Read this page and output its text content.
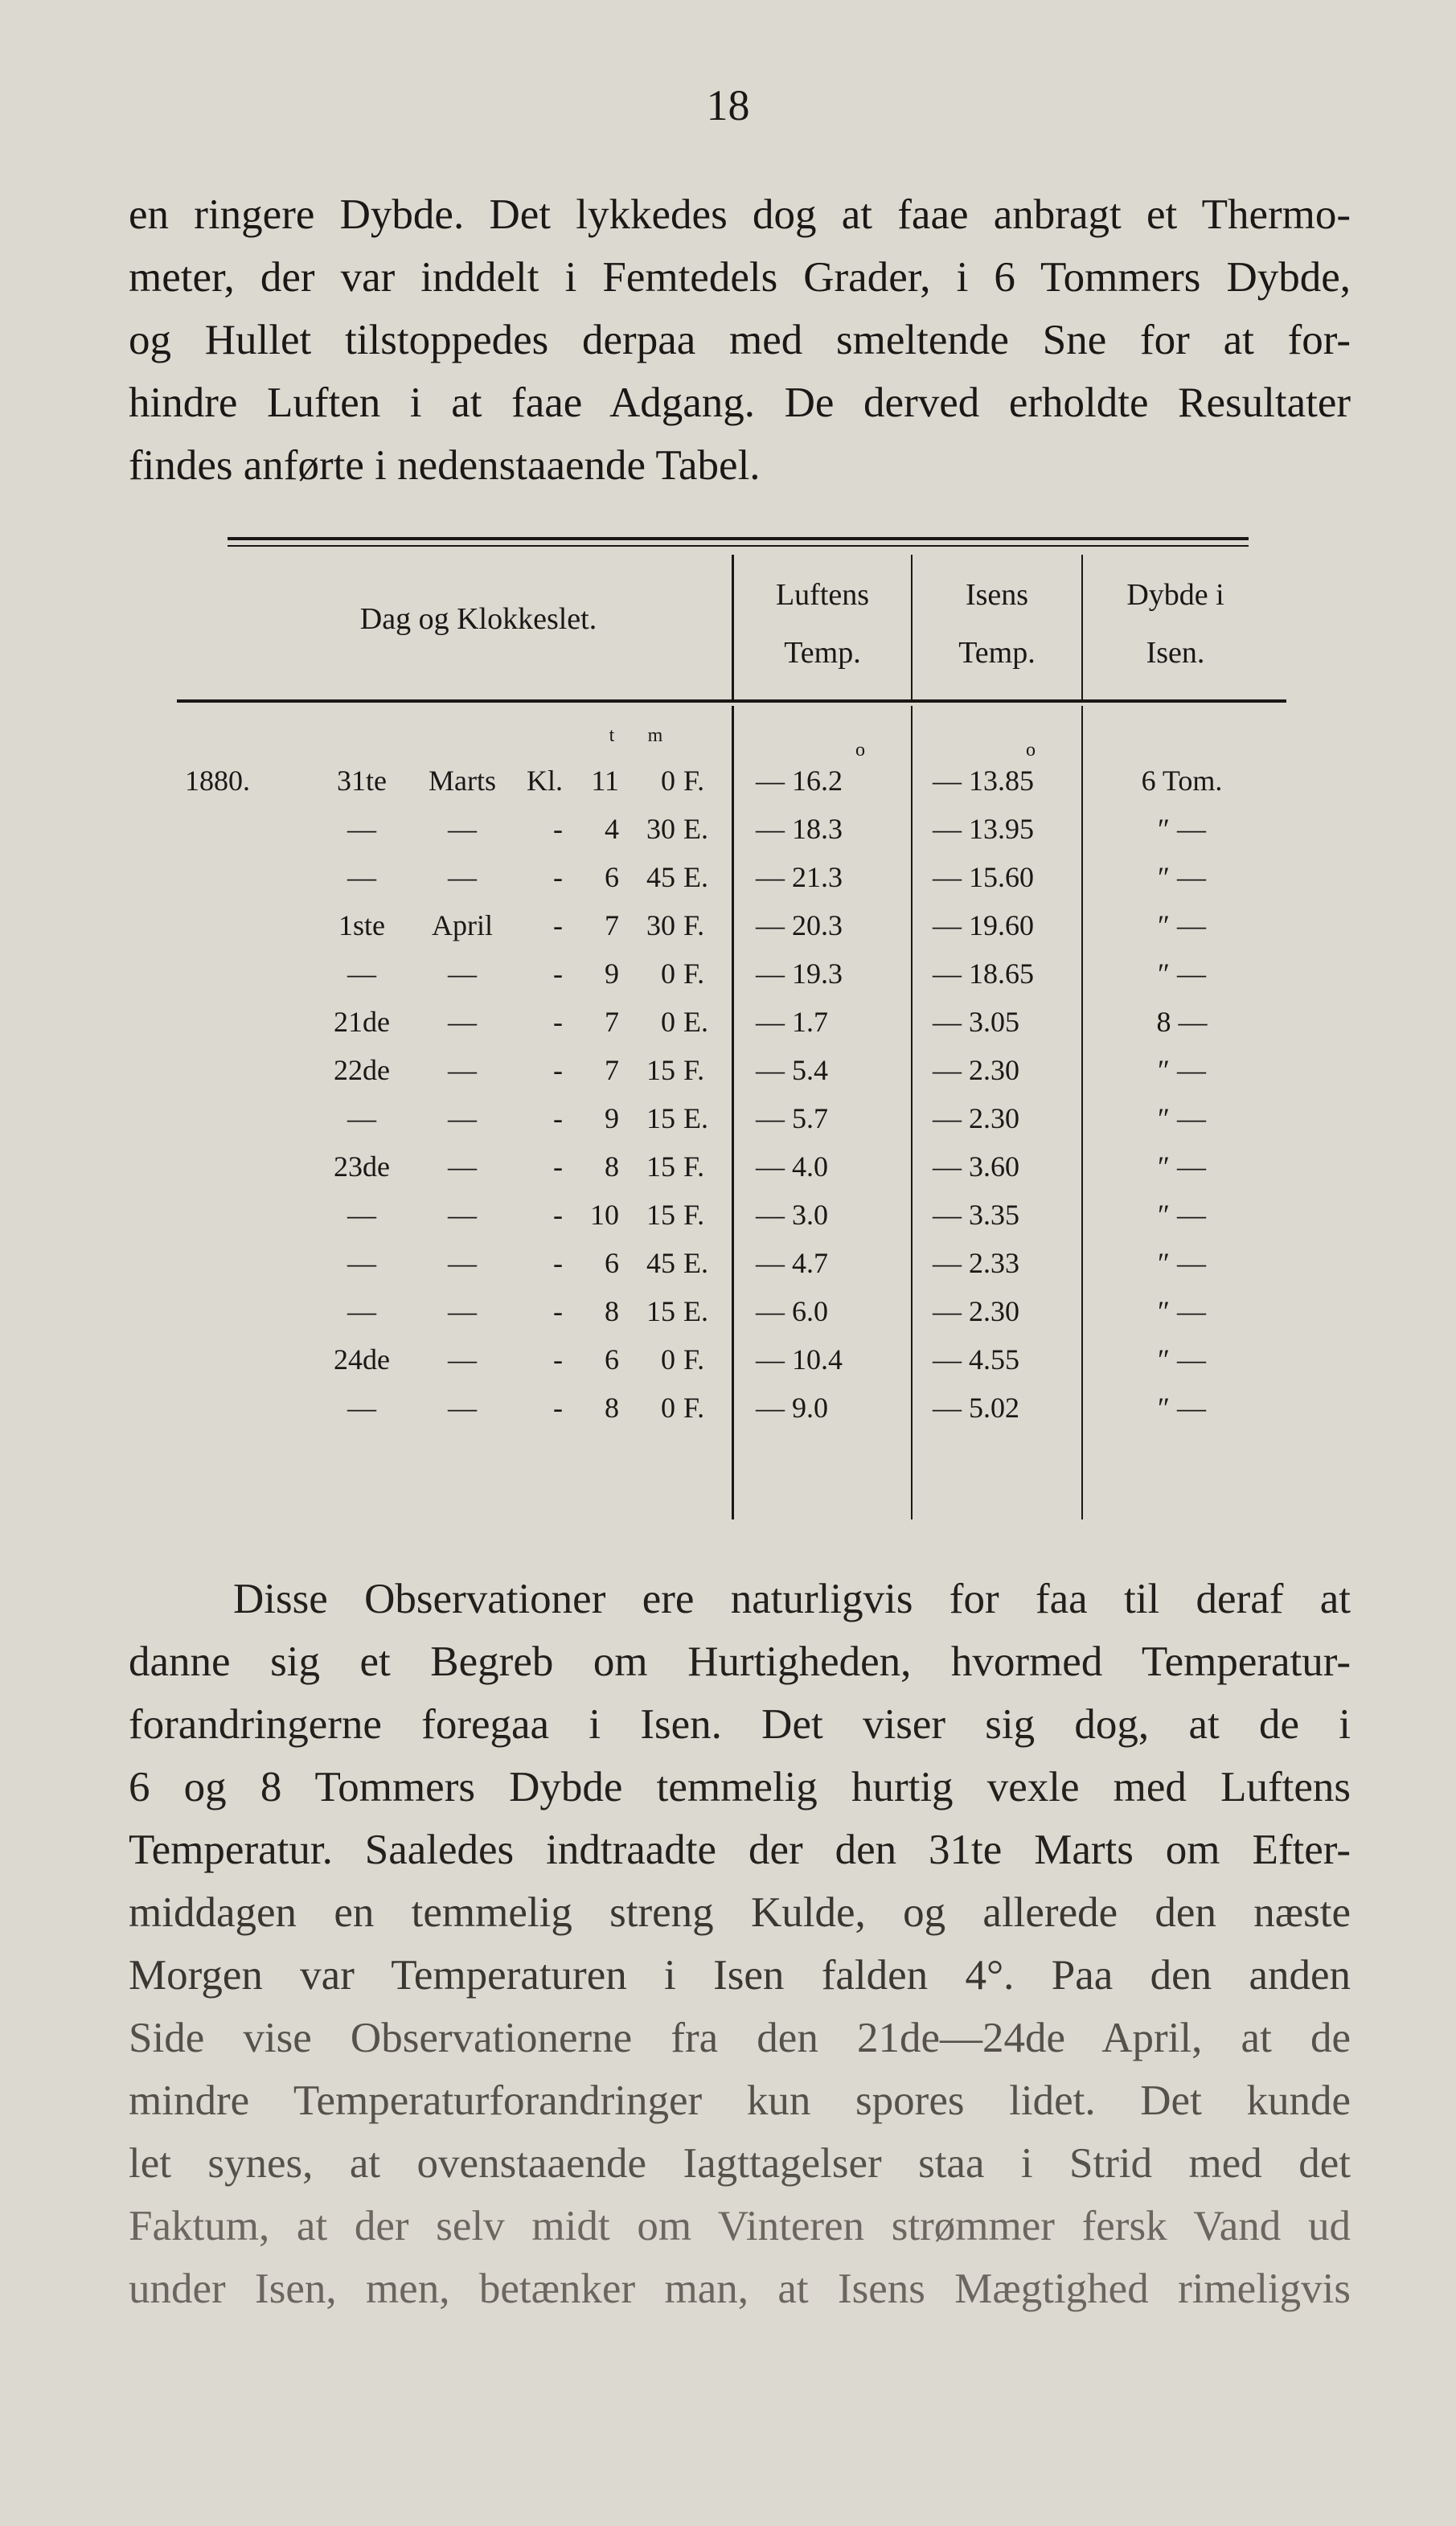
18
en ringere Dybde. Det lykkedes dog at faae anbragt et Thermo-
meter, der var inddelt i Femtedels Grader, i 6 Tommers Dybde,
og Hullet tilstoppedes derpaa med smeltende Sne for at for-
hindre Luften i at faae Adgang. De derved erholdte Resultater
findes anførte i nedenstaaende Tabel.
Dag og Klokkeslet.
Luftens
Temp.
Isens
Temp.
Dybde i
Isen.
t	m
o	o
1880.	31te	Marts	Kl. 11	0 F.	— 16.2	— 13.85	6 Tom.
—	—	-	4 30 E.	— 18.3	— 13.95	″ —
—	—	-	6 45 E.	— 21.3	— 15.60	″ —
1ste	April	-	7 30 F.	— 20.3	— 19.60	″ —
—	—	-	9	0 F.	— 19.3	— 18.65	″ —
21de	—	-	7	0 E.	— 1.7	— 3.05	8 —
22de	—	-	7 15 F.	— 5.4	— 2.30	″ —
—	—	-	9 15 E.	— 5.7	— 2.30	″ —
23de	—	-	8 15 F.	— 4.0	— 3.60	″ —
—	—	- 10 15 F.	— 3.0	— 3.35	″ —
—	—	-	6 45 E.	— 4.7	— 2.33	″ —
—	—	-	8 15 E.	— 6.0	— 2.30	″ —
24de	—	-	6	0 F.	— 10.4	— 4.55	″ —
—	—	-	8	0 F.	— 9.0	— 5.02	″ —
Disse Observationer ere naturligvis for faa til deraf at
danne sig et Begreb om Hurtigheden, hvormed Temperatur-
forandringerne foregaa i Isen. Det viser sig dog, at de i
6 og 8 Tommers Dybde temmelig hurtig vexle med Luftens
Temperatur. Saaledes indtraadte der den 31te Marts om Efter-
middagen en temmelig streng Kulde, og allerede den næste
Morgen var Temperaturen i Isen falden 4°. Paa den anden
Side vise Observationerne fra den 21de—24de April, at de
mindre Temperaturforandringer kun spores lidet. Det kunde
let synes, at ovenstaaende Iagttagelser staa i Strid med det
Faktum, at der selv midt om Vinteren strømmer fersk Vand ud
under Isen, men, betænker man, at Isens Mægtighed rimeligvis
